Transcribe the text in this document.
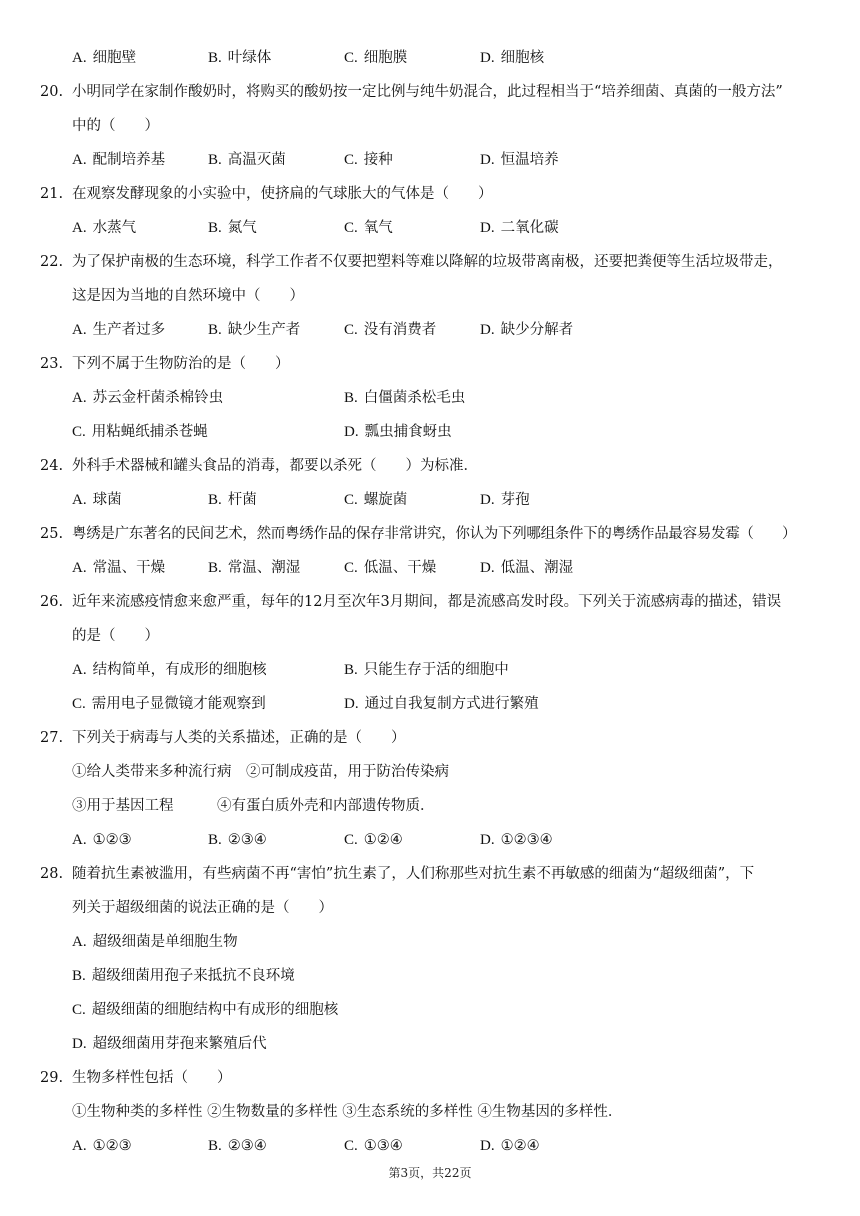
A. 细胞壁	B. 叶绿体	C. 细胞膜	D. 细胞核
20. 小明同学在家制作酸奶时，将购买的酸奶按一定比例与纯牛奶混合，此过程相当于“培养细菌、真菌的一般方法”
中的（　　）
A. 配制培养基	B. 高温灭菌	C. 接种	D. 恒温培养
21. 在观察发酵现象的小实验中，使挤扁的气球胀大的气体是（　　）
A. 水蒸气	B. 氮气	C. 氧气	D. 二氧化碳
22. 为了保护南极的生态环境，科学工作者不仅要把塑料等难以降解的垃圾带离南极，还要把粪便等生活垃圾带走，
这是因为当地的自然环境中（　　）
A. 生产者过多	B. 缺少生产者	C. 没有消费者	D. 缺少分解者
23. 下列不属于生物防治的是（　　）
A. 苏云金杆菌杀棉铃虫	B. 白僵菌杀松毛虫
C. 用粘蝇纸捕杀苍蝇	D. 瓢虫捕食蚜虫
24. 外科手术器械和罐头食品的消毒，都要以杀死（　　）为标准．
A. 球菌	B. 杆菌	C. 螺旋菌	D. 芽孢
25. 粤绣是广东著名的民间艺术，然而粤绣作品的保存非常讲究，你认为下列哪组条件下的粤绣作品最容易发霉（　　）
A. 常温、干燥	B. 常温、潮湿	C. 低温、干燥	D. 低温、潮湿
26. 近年来流感疫情愈来愈严重，每年的12月至次年3月期间，都是流感高发时段。下列关于流感病毒的描述，错误
的是（　　）
A. 结构简单，有成形的细胞核	B. 只能生存于活的细胞中
C. 需用电子显微镜才能观察到	D. 通过自我复制方式进行繁殖
27. 下列关于病毒与人类的关系描述，正确的是（　　）
①给人类带来多种流行病　②可制成疫苗，用于防治传染病
③用于基因工程　　　④有蛋白质外壳和内部遗传物质．
A. ①②③	B. ②③④	C. ①②④	D. ①②③④
28. 随着抗生素被滥用，有些病菌不再“害怕”抗生素了，人们称那些对抗生素不再敏感的细菌为“超级细菌”，下
列关于超级细菌的说法正确的是（　　）
A. 超级细菌是单细胞生物
B. 超级细菌用孢子来抵抗不良环境
C. 超级细菌的细胞结构中有成形的细胞核
D. 超级细菌用芽孢来繁殖后代
29. 生物多样性包括（　　）
①生物种类的多样性 ②生物数量的多样性 ③生态系统的多样性 ④生物基因的多样性．
A. ①②③	B. ②③④	C. ①③④	D. ①②④
第3页，共22页
